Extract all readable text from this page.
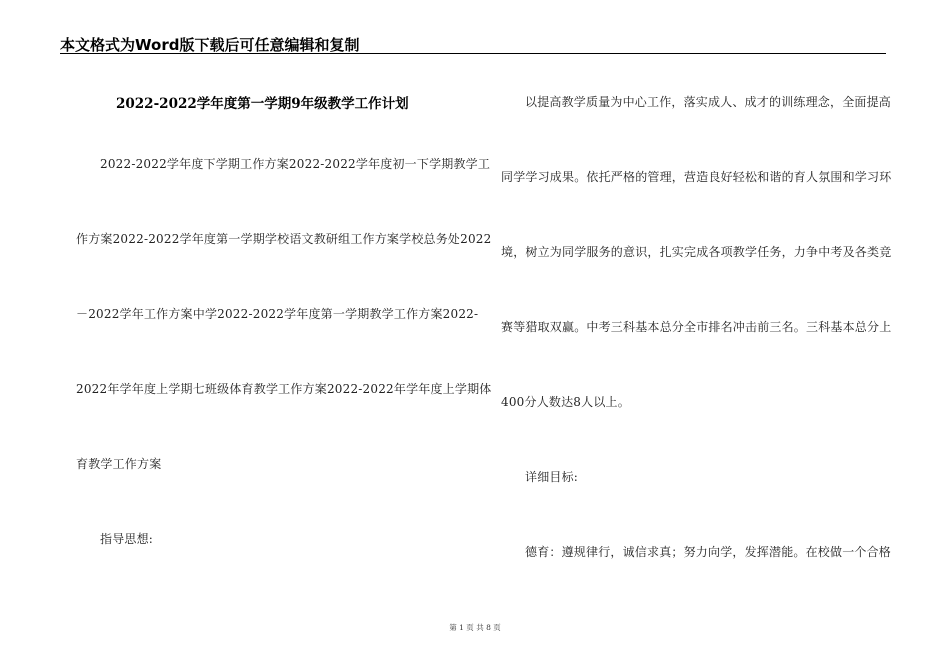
本文格式为Word版下载后可任意编辑和复制
2022-2022学年度第一学期9年级教学工作计划
2022-2022学年度下学期工作方案2022-2022学年度初一下学期教学工
作方案2022-2022学年度第一学期学校语文教研组工作方案学校总务处2022
－2022学年工作方案中学2022-2022学年度第一学期教学工作方案2022-
2022年学年度上学期七班级体育教学工作方案2022-2022年学年度上学期体
育教学工作方案
指导思想:
以提高教学质量为中心工作，落实成人、成才的训练理念，全面提高
同学学习成果。依托严格的管理，营造良好轻松和谐的育人氛围和学习环
境，树立为同学服务的意识，扎实完成各项教学任务，力争中考及各类竞
赛等猎取双赢。中考三科基本总分全市排名冲击前三名。三科基本总分上
400分人数达8人以上。
详细目标:
德育：遵规律行，诚信求真；努力向学，发挥潜能。在校做一个合格
第 1 页 共 8 页
